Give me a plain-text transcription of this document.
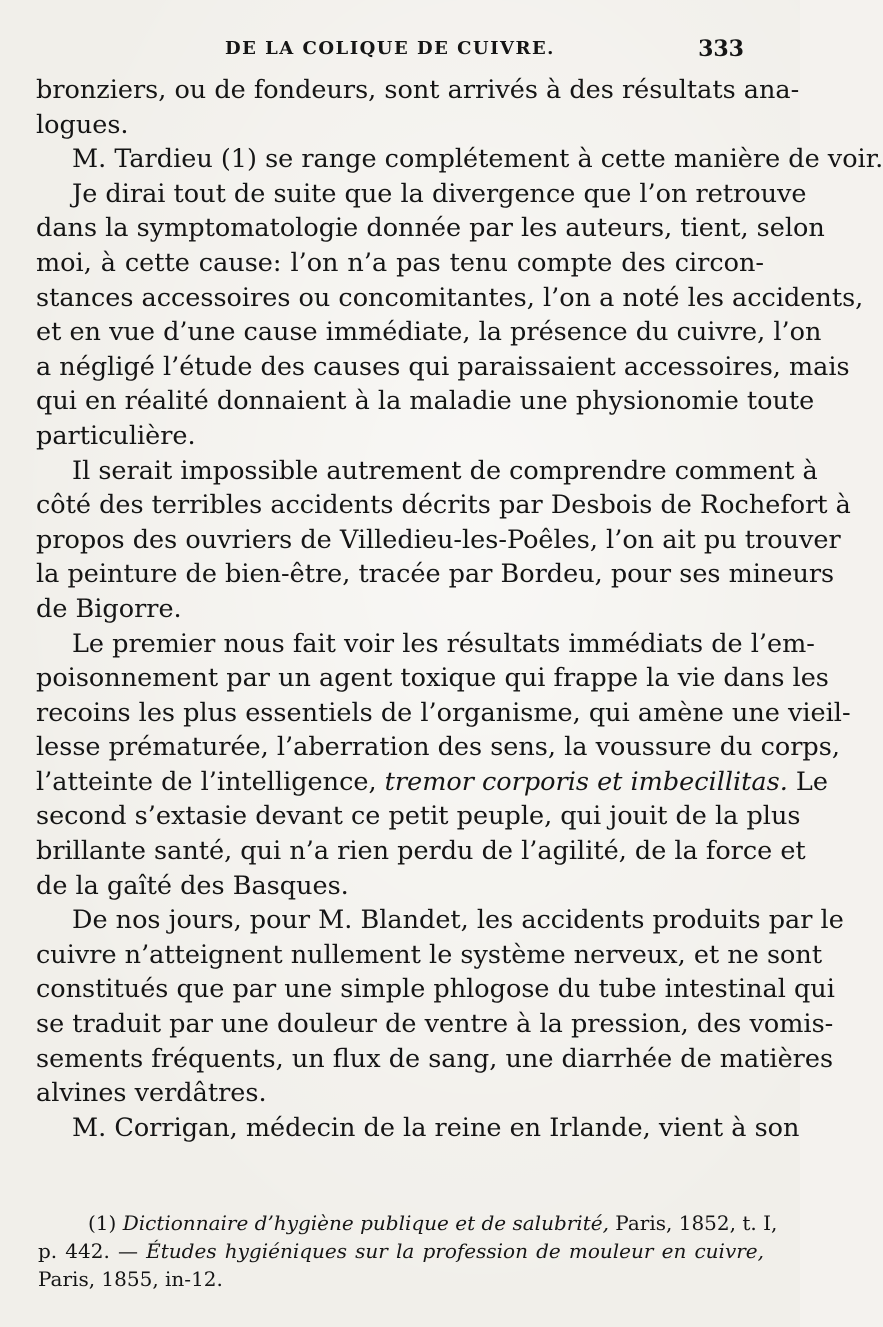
DE LA COLIQUE DE CUIVRE.	333
bronziers, ou de fondeurs, sont arrivés à des résultats ana-
logues.
M. Tardieu (1) se range complétement à cette manière de voir.
Je dirai tout de suite que la divergence que l’on retrouve
dans la symptomatologie donnée par les auteurs, tient, selon
moi, à cette cause: l’on n’a pas tenu compte des circon-
stances accessoires ou concomitantes, l’on a noté les accidents,
et en vue d’une cause immédiate, la présence du cuivre, l’on
a négligé l’étude des causes qui paraissaient accessoires, mais
qui en réalité donnaient à la maladie une physionomie toute
particulière.
Il serait impossible autrement de comprendre comment à
côté des terribles accidents décrits par Desbois de Rochefort à
propos des ouvriers de Villedieu-les-Poêles, l’on ait pu trouver
la peinture de bien-être, tracée par Bordeu, pour ses mineurs
de Bigorre.
Le premier nous fait voir les résultats immédiats de l’em-
poisonnement par un agent toxique qui frappe la vie dans les
recoins les plus essentiels de l’organisme, qui amène une vieil-
lesse prématurée, l’aberration des sens, la voussure du corps,
l’atteinte de l’intelligence, tremor corporis et imbecillitas. Le
second s’extasie devant ce petit peuple, qui jouit de la plus
brillante santé, qui n’a rien perdu de l’agilité, de la force et
de la gaîté des Basques.
De nos jours, pour M. Blandet, les accidents produits par le
cuivre n’atteignent nullement le système nerveux, et ne sont
constitués que par une simple phlogose du tube intestinal qui
se traduit par une douleur de ventre à la pression, des vomis-
sements fréquents, un flux de sang, une diarrhée de matières
alvines verdâtres.
M. Corrigan, médecin de la reine en Irlande, vient à son
(1) Dictionnaire d’hygiène publique et de salubrité, Paris, 1852, t. I,
p. 442. — Études hygiéniques sur la profession de mouleur en cuivre,
Paris, 1855, in-12.
